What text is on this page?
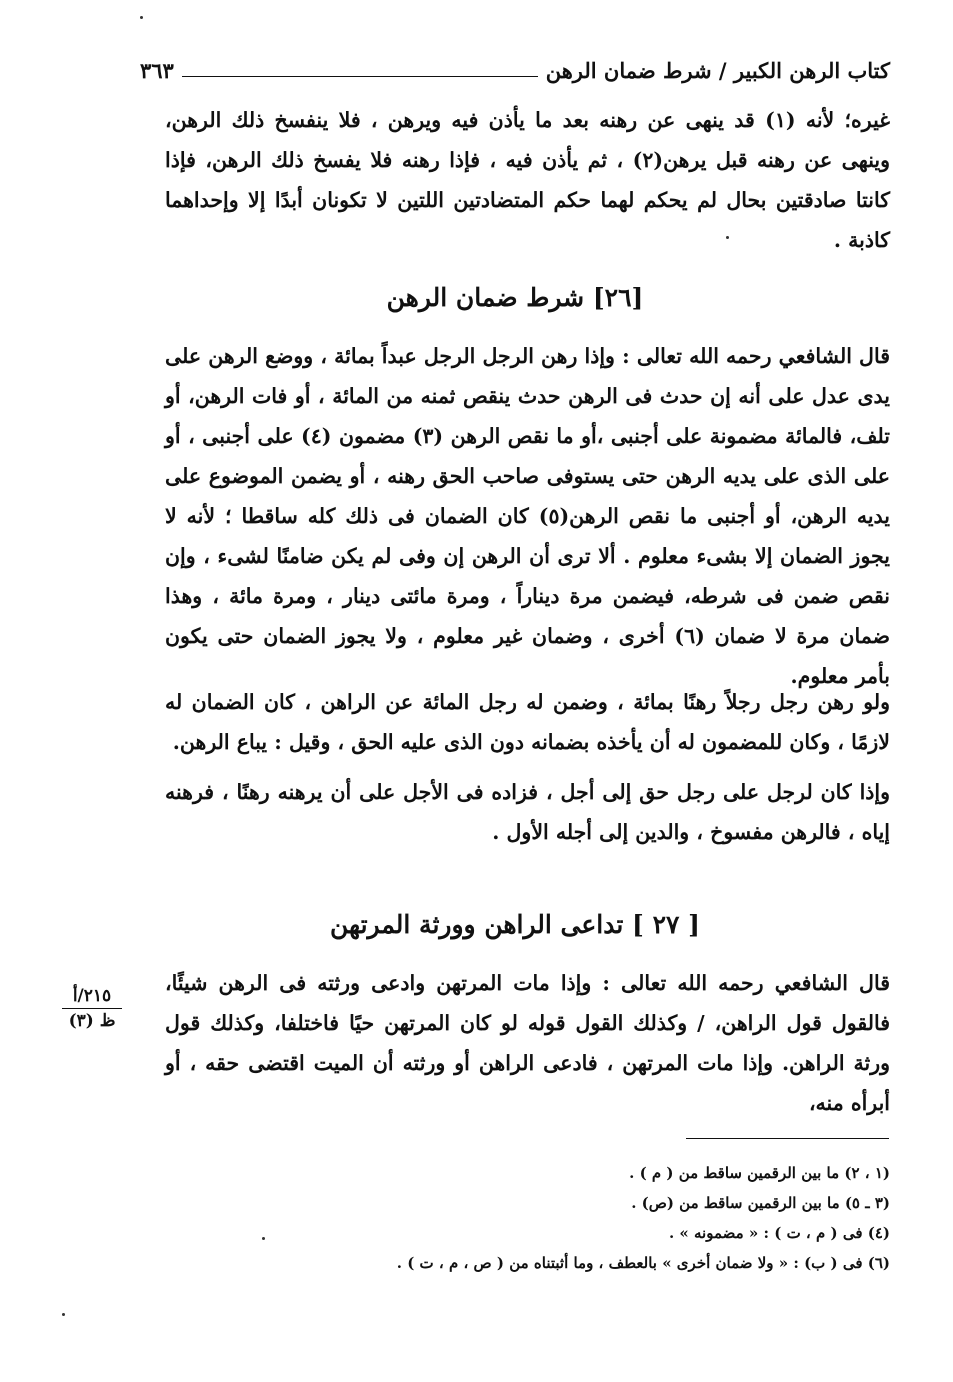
كتاب الرهن الكبير / شرط ضمان الرهن
٣٦٣

غيره؛ لأنه (١) قد ينهى عن رهنه بعد ما يأذن فيه ويرهن ، فلا ينفسخ ذلك الرهن، وينهى عن رهنه قبل يرهن(٢) ، ثم يأذن فيه ، فإذا رهنه فلا يفسخ ذلك الرهن، فإذا كانتا صادقتين بحال لم يحكم لهما حكم المتضادتين اللتين لا تكونان أبدًا إلا وإحداهما كاذبة .

[٢٦] شرط ضمان الرهن

قال الشافعي رحمه الله تعالى : وإذا رهن الرجل الرجل عبداً بمائة ، ووضع الرهن على يدى عدل على أنه إن حدث فى الرهن حدث ينقص ثمنه من المائة ، أو فات الرهن، أو تلف، فالمائة مضمونة على أجنبى ،أو ما نقص الرهن (٣) مضمون (٤) على أجنبى ، أو على الذى على يديه الرهن حتى يستوفى صاحب الحق رهنه ، أو يضمن الموضوع على يديه الرهن، أو أجنبى ما نقص الرهن(٥) كان الضمان فى ذلك كله ساقطا ؛ لأنه لا يجوز الضمان إلا بشىء معلوم . ألا ترى أن الرهن إن وفى لم يكن ضامنًا لشىء ، وإن نقص ضمن فى شرطه، فيضمن مرة ديناراً ، ومرة مائتى دينار ، ومرة مائة ، وهذا ضمان مرة لا ضمان (٦) أخرى ، وضمان غير معلوم ، ولا يجوز الضمان حتى يكون بأمر معلوم.

ولو رهن رجل رجلاً رهنًا بمائة ، وضمن له رجل المائة عن الراهن ، كان الضمان له لازمًا ، وكان للمضمون له أن يأخذه بضمانه دون الذى عليه الحق ، وقيل : يباع الرهن.

وإذا كان لرجل على رجل حق إلى أجل ، فزاده فى الأجل على أن يرهنه رهنًا ، فرهنه إياه ، فالرهن مفسوخ ، والدين إلى أجله الأول .

[ ٢٧ ] تداعى الراهن وورثة المرتهن

قال الشافعي رحمه الله تعالى : وإذا مات المرتهن وادعى ورثته فى الرهن شيئًا، فالقول قول الراهن، / وكذلك القول قوله لو كان المرتهن حيًا فاختلفا، وكذلك قول ورثة الراهن. وإذا مات المرتهن ، فادعى الراهن أو ورثته أن الميت اقتضى حقه ، أو أبرأه منه،

٢١٥/أ
ظ (٣)
(١ ، ٢) ما بين الرقمين ساقط من ( م ) .
(٣ ـ ٥) ما بين الرقمين ساقط من (ص) .
(٤) فى ( م ، ت ) : « مضمونه » .
(٦) فى ( ب) : « ولا ضمان أخرى » بالعطف ، وما أثبتناه من ( ص ، م ، ت ) .
